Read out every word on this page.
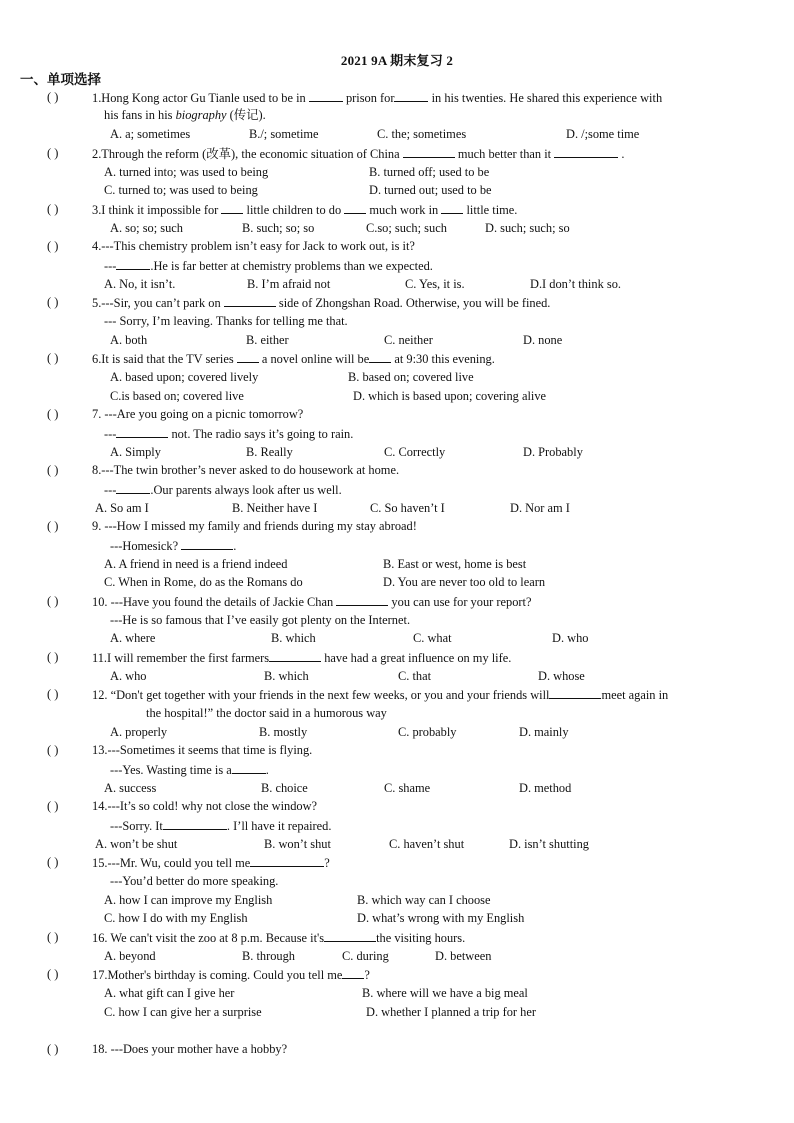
2021 9A 期末复习 2
一、单项选择
( )	1.Hong Kong actor Gu Tianle used to be in	prison for	in his twenties. He shared this experience with
his fans in his biography (传记).
A. a; sometimes	B./; sometime	C. the; sometimes	D. /;some time
( )	2.Through the reform (改革), the economic situation of China	much better than it	.
A. turned into; was used to being	B. turned off; used to be
C. turned to; was used to being	D. turned out; used to be
( )	3.I think it impossible for little children to do much work in little time.
A. so; so; such	B. such; so; so	C.so; such; such	D. such; such; so
( )	4.---This chemistry problem isn’t easy for Jack to work out, is it?
---	.He is far better at chemistry problems than we expected.
A. No, it isn’t.	B. I’m afraid not	C. Yes, it is.	D.I don’t think so.
( )	5.---Sir, you can’t park on	side of Zhongshan Road. Otherwise, you will be fined.
--- Sorry, I’m leaving. Thanks for telling me that.
A. both	B. either	C. neither	D. none
( )	6.It is said that the TV series a novel online will be at 9:30 this evening.
A. based upon; covered lively	B. based on; covered live
C.is based on; covered live	D. which is based upon; covering alive
( )	7. ---Are you going on a picnic tomorrow?
---	not. The radio says it’s going to rain.
A. Simply	B. Really	C. Correctly	D. Probably
( )	8.---The twin brother’s never asked to do housework at home.
---	.Our parents always look after us well.
A. So am I	B. Neither have I	C. So haven’t I	D. Nor am I
( )	9. ---How I missed my family and friends during my stay abroad!
---Homesick?	.
A. A friend in need is a friend indeed	B. East or west, home is best
C. When in Rome, do as the Romans do	D. You are never too old to learn
( )	10. ---Have you found the details of Jackie Chan	you can use for your report?
---He is so famous that I’ve easily got plenty on the Internet.
A. where	B. which	C. what	D. who
( )	11.I will remember the first farmers	have had a great influence on my life.
A. who	B. which	C. that	D. whose
( )	12. “Don't get together with your friends in the next few weeks, or you and your friends will	meet again in
the hospital!” the doctor said in a humorous way
A. properly	B. mostly	C. probably	D. mainly
( )	13.---Sometimes it seems that time is flying.
---Yes. Wasting time is a	.
A. success	B. choice	C. shame	D. method
( )	14.---It’s so cold! why not close the window?
---Sorry. It	. I’ll have it repaired.
A. won’t be shut	B. won’t shut	C. haven’t shut	D. isn’t shutting
( )	15.---Mr. Wu, could you tell me	?
---You’d better do more speaking.
A. how I can improve my English	B. which way can I choose
C. how I do with my English	D. what’s wrong with my English
( )	16. We can't visit the zoo at 8 p.m. Because it's	the visiting hours.
A. beyond	B. through	C. during	D. between
( )	17.Mother's birthday is coming. Could you tell me ?
A. what gift can I give her	B. where will we have a big meal
C. how I can give her a surprise	D. whether I planned a trip for her
( )	18. ---Does your mother have a hobby?
